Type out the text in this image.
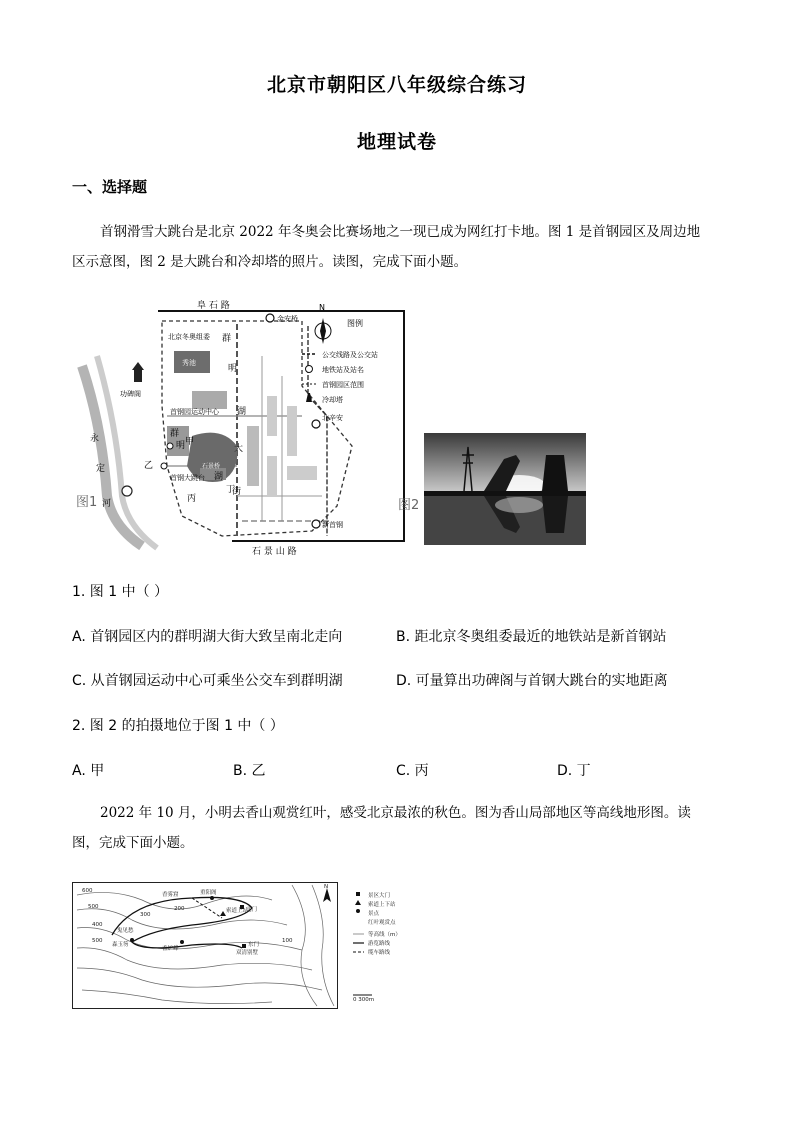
北京市朝阳区八年级综合练习
地理试卷
一、选择题
首钢滑雪大跳台是北京 2022 年冬奥会比赛场地之一现已成为网红打卡地。图 1 是首钢园区及周边地
区示意图，图 2 是大跳台和冷却塔的照片。读图，完成下面小题。
阜 石 路
石 景 山 路
金安桥
北京冬奥组委
秀池
功碑阁
首钢园运动中心
首钢大跳台
石景桥
北辛安
新首钢
永
定
河
群
明
湖
大
街
群
明
湖
甲
乙
丙
丁
N
图例
公交线路及公交站
地铁站及站名
首钢园区范围
冷却塔
图1	图2
1. 图 1 中（ ）
A. 首钢园区内的群明湖大街大致呈南北走向	B. 距北京冬奥组委最近的地铁站是新首钢站
C. 从首钢园运动中心可乘坐公交车到群明湖	D. 可量算出功碑阁与首钢大跳台的实地距离
2. 图 2 的拍摄地位于图 1 中（ ）
A. 甲	B. 乙	C. 丙	D. 丁
2022 年 10 月，小明去香山观赏红叶，感受北京最浓的秋色。图为香山局部地区等高线地形图。读
图，完成下面小题。
600
500
400
300
200
500	100
香雾窟
索道上站
北门
鬼见愁
重阳阁
森玉笏	东门
双清别墅
香炉峰
N
景区大门
索道上下站
景点
红叶观赏点
等高线（m）
游览路线
缆车路线
0 300m
